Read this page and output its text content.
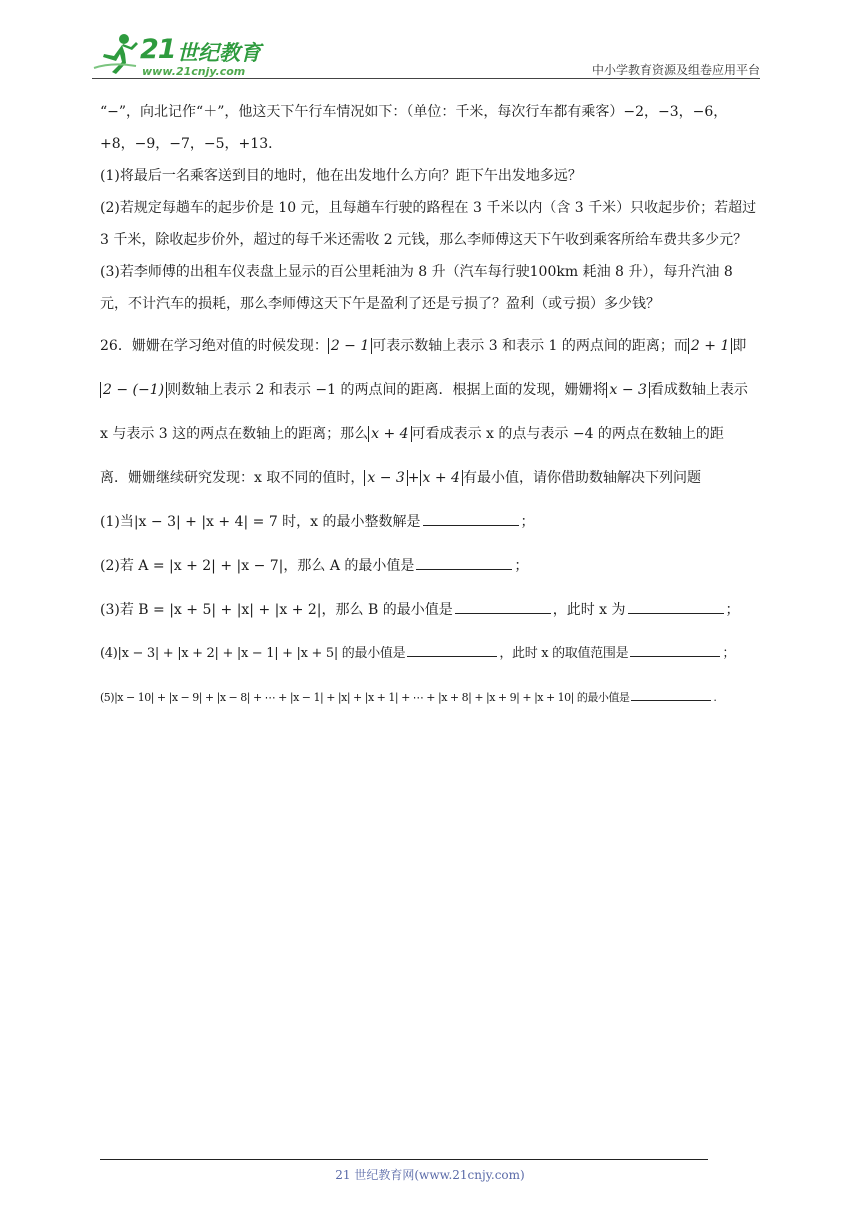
21 世纪教育
www.21cnjy.com	中小学教育资源及组卷应用平台

“−”，向北记作“＋”，他这天下午行车情况如下：（单位：千米，每次行车都有乘客）−2，−3，−6，

+8，−9，−7，−5，+13．

(1)将最后一名乘客送到目的地时，他在出发地什么方向？距下午出发地多远？

(2)若规定每趟车的起步价是 10 元，且每趟车行驶的路程在 3 千米以内（含 3 千米）只收起步价；若超过 3 千米，除收起步价外，超过的每千米还需收 2 元钱，那么李师傅这天下午收到乘客所给车费共多少元？

(3)若李师傅的出租车仪表盘上显示的百公里耗油为 8 升（汽车每行驶100km 耗油 8 升），每升汽油 8 元，不计汽车的损耗，那么李师傅这天下午是盈利了还是亏损了？盈利（或亏损）多少钱？

26．姗姗在学习绝对值的时候发现： 2 − 1 可表示数轴上表示 3 和表示 1 的两点间的距离；而 2 + 1 即
2 − (−1) 则数轴上表示 2 和表示 −1 的两点间的距离．根据上面的发现，姗姗将 x − 3 看成数轴上表示
x 与表示 3 这的两点在数轴上的距离；那么 x + 4 可看成表示 x 的点与表示 −4 的两点在数轴上的距
离．姗姗继续研究发现：x 取不同的值时， x − 3 + x + 4 有最小值，请你借助数轴解决下列问题

(1)当|x − 3| + |x + 4| = 7 时，x 的最小整数解是	；

(2)若 A = |x + 2| + |x − 7|，那么 A 的最小值是	；

(3)若 B = |x + 5| + |x| + |x + 2|，那么 B 的最小值是	，此时 x 为	；

(4)|x − 3| + |x + 2| + |x − 1| + |x + 5| 的最小值是	，此时 x 的取值范围是	；

(5)|x − 10| + |x − 9| + |x − 8| + ⋯ + |x − 1| + |x| + |x + 1| + ⋯ + |x + 8| + |x + 9| + |x + 10| 的最小值是	.

21 世纪教育网(www.21cnjy.com)
